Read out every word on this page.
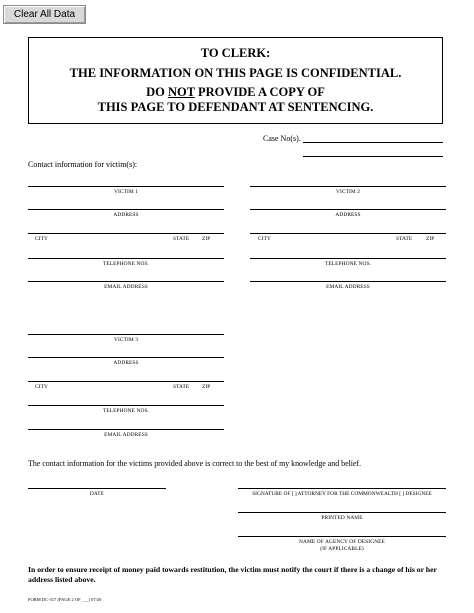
Clear All Data
TO CLERK:
THE INFORMATION ON THIS PAGE IS CONFIDENTIAL.
DO NOT PROVIDE A COPY OF
THIS PAGE TO DEFENDANT AT SENTENCING.
Case No(s).
Contact information for victim(s):
VICTIM 1
ADDRESS
CITY	STATE ZIP
TELEPHONE NOS.
EMAIL ADDRESS
VICTIM 2
ADDRESS
CITY	STATE	ZIP
TELEPHONE NOS.
EMAIL ADDRESS
VICTIM 3
ADDRESS
CITY	STATE ZIP
TELEPHONE NOS.
EMAIL ADDRESS
The contact information for the victims provided above is correct to the best of my knowledge and belief.
DATE	SIGNATURE OF [ ] ATTORNEY FOR THE COMMONWEALTH [ ] DESIGNEE
PRINTED NAME
NAME OF AGENCY OF DESIGNEE
(IF APPLICABLE)
In order to ensure receipt of money paid towards restitution, the victim must notify the court if there is a change of his or her address listed above.
FORM DC-317 (PAGE 2 OF ___) 07/20
